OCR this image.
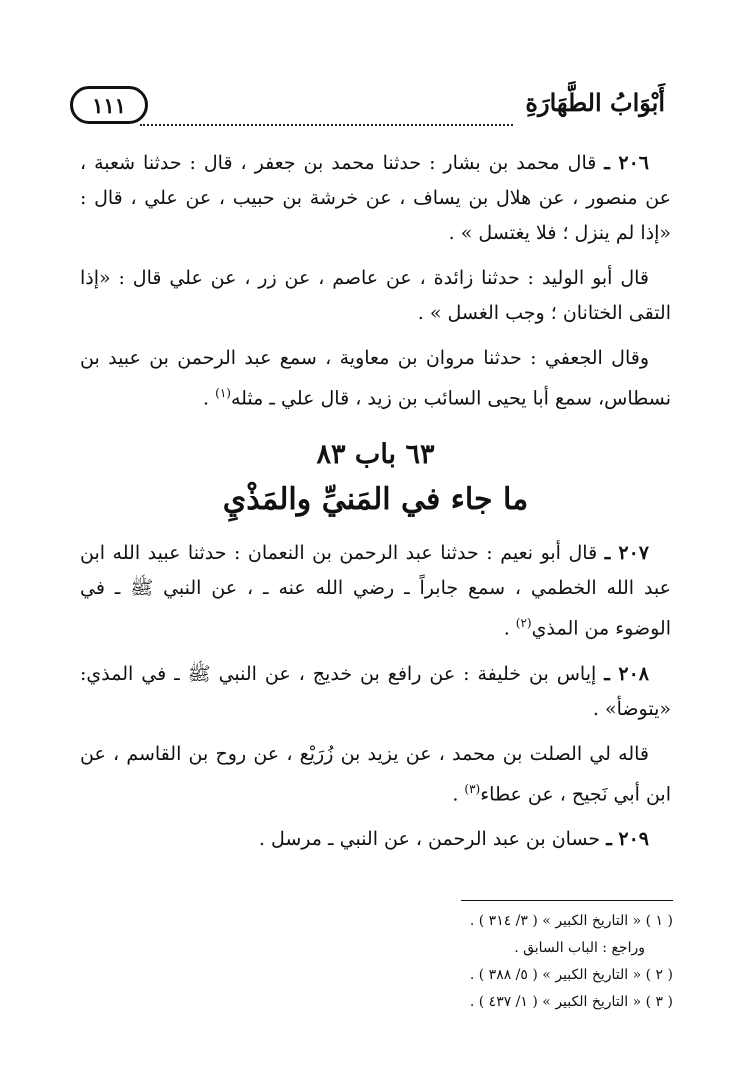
أَبْوَابُ الطَّهَارَةِ
١١١

٢٠٦ ـ قال محمد بن بشار : حدثنا محمد بن جعفر ، قال : حدثنا شعبة ، عن منصور ، عن هلال بن يساف ، عن خرشة بن حبيب ، عن علي ، قال : «إذا لم ينزل ؛ فلا يغتسل » .

قال أبو الوليد : حدثنا زائدة ، عن عاصم ، عن زر ، عن علي قال : «إذا التقى الختانان ؛ وجب الغسل » .

وقال الجعفي : حدثنا مروان بن معاوية ، سمع عبد الرحمن بن عبيد بن نسطاس، سمع أبا يحيى السائب بن زيد ، قال علي ـ مثله$^{(١)}$ .

٦٣ باب ٨٣
ما جاء في المَنيِّ والمَذْيِ

٢٠٧ ـ قال أبو نعيم : حدثنا عبد الرحمن بن النعمان : حدثنا عبيد الله ابن عبد الله الخطمي ، سمع جابراً ـ رضي الله عنه ـ ، عن النبي ﷺ ـ في الوضوء من المذي$^{(٢)}$ .

٢٠٨ ـ إياس بن خليفة : عن رافع بن خديج ، عن النبي ﷺ ـ في المذي: «يتوضأ» .

قاله لي الصلت بن محمد ، عن يزيد بن زُرَيْع ، عن روح بن القاسم ، عن ابن أبي نَجيح ، عن عطاء$^{(٣)}$ .

٢٠٩ ـ حسان بن عبد الرحمن ، عن النبي ـ مرسل .

( ١ ) « التاريخ الكبير » ( ٣/ ٣١٤ ) .
وراجع : الباب السابق .
( ٢ ) « التاريخ الكبير » ( ٥/ ٣٨٨ ) .
( ٣ ) « التاريخ الكبير » ( ١/ ٤٣٧ ) .
